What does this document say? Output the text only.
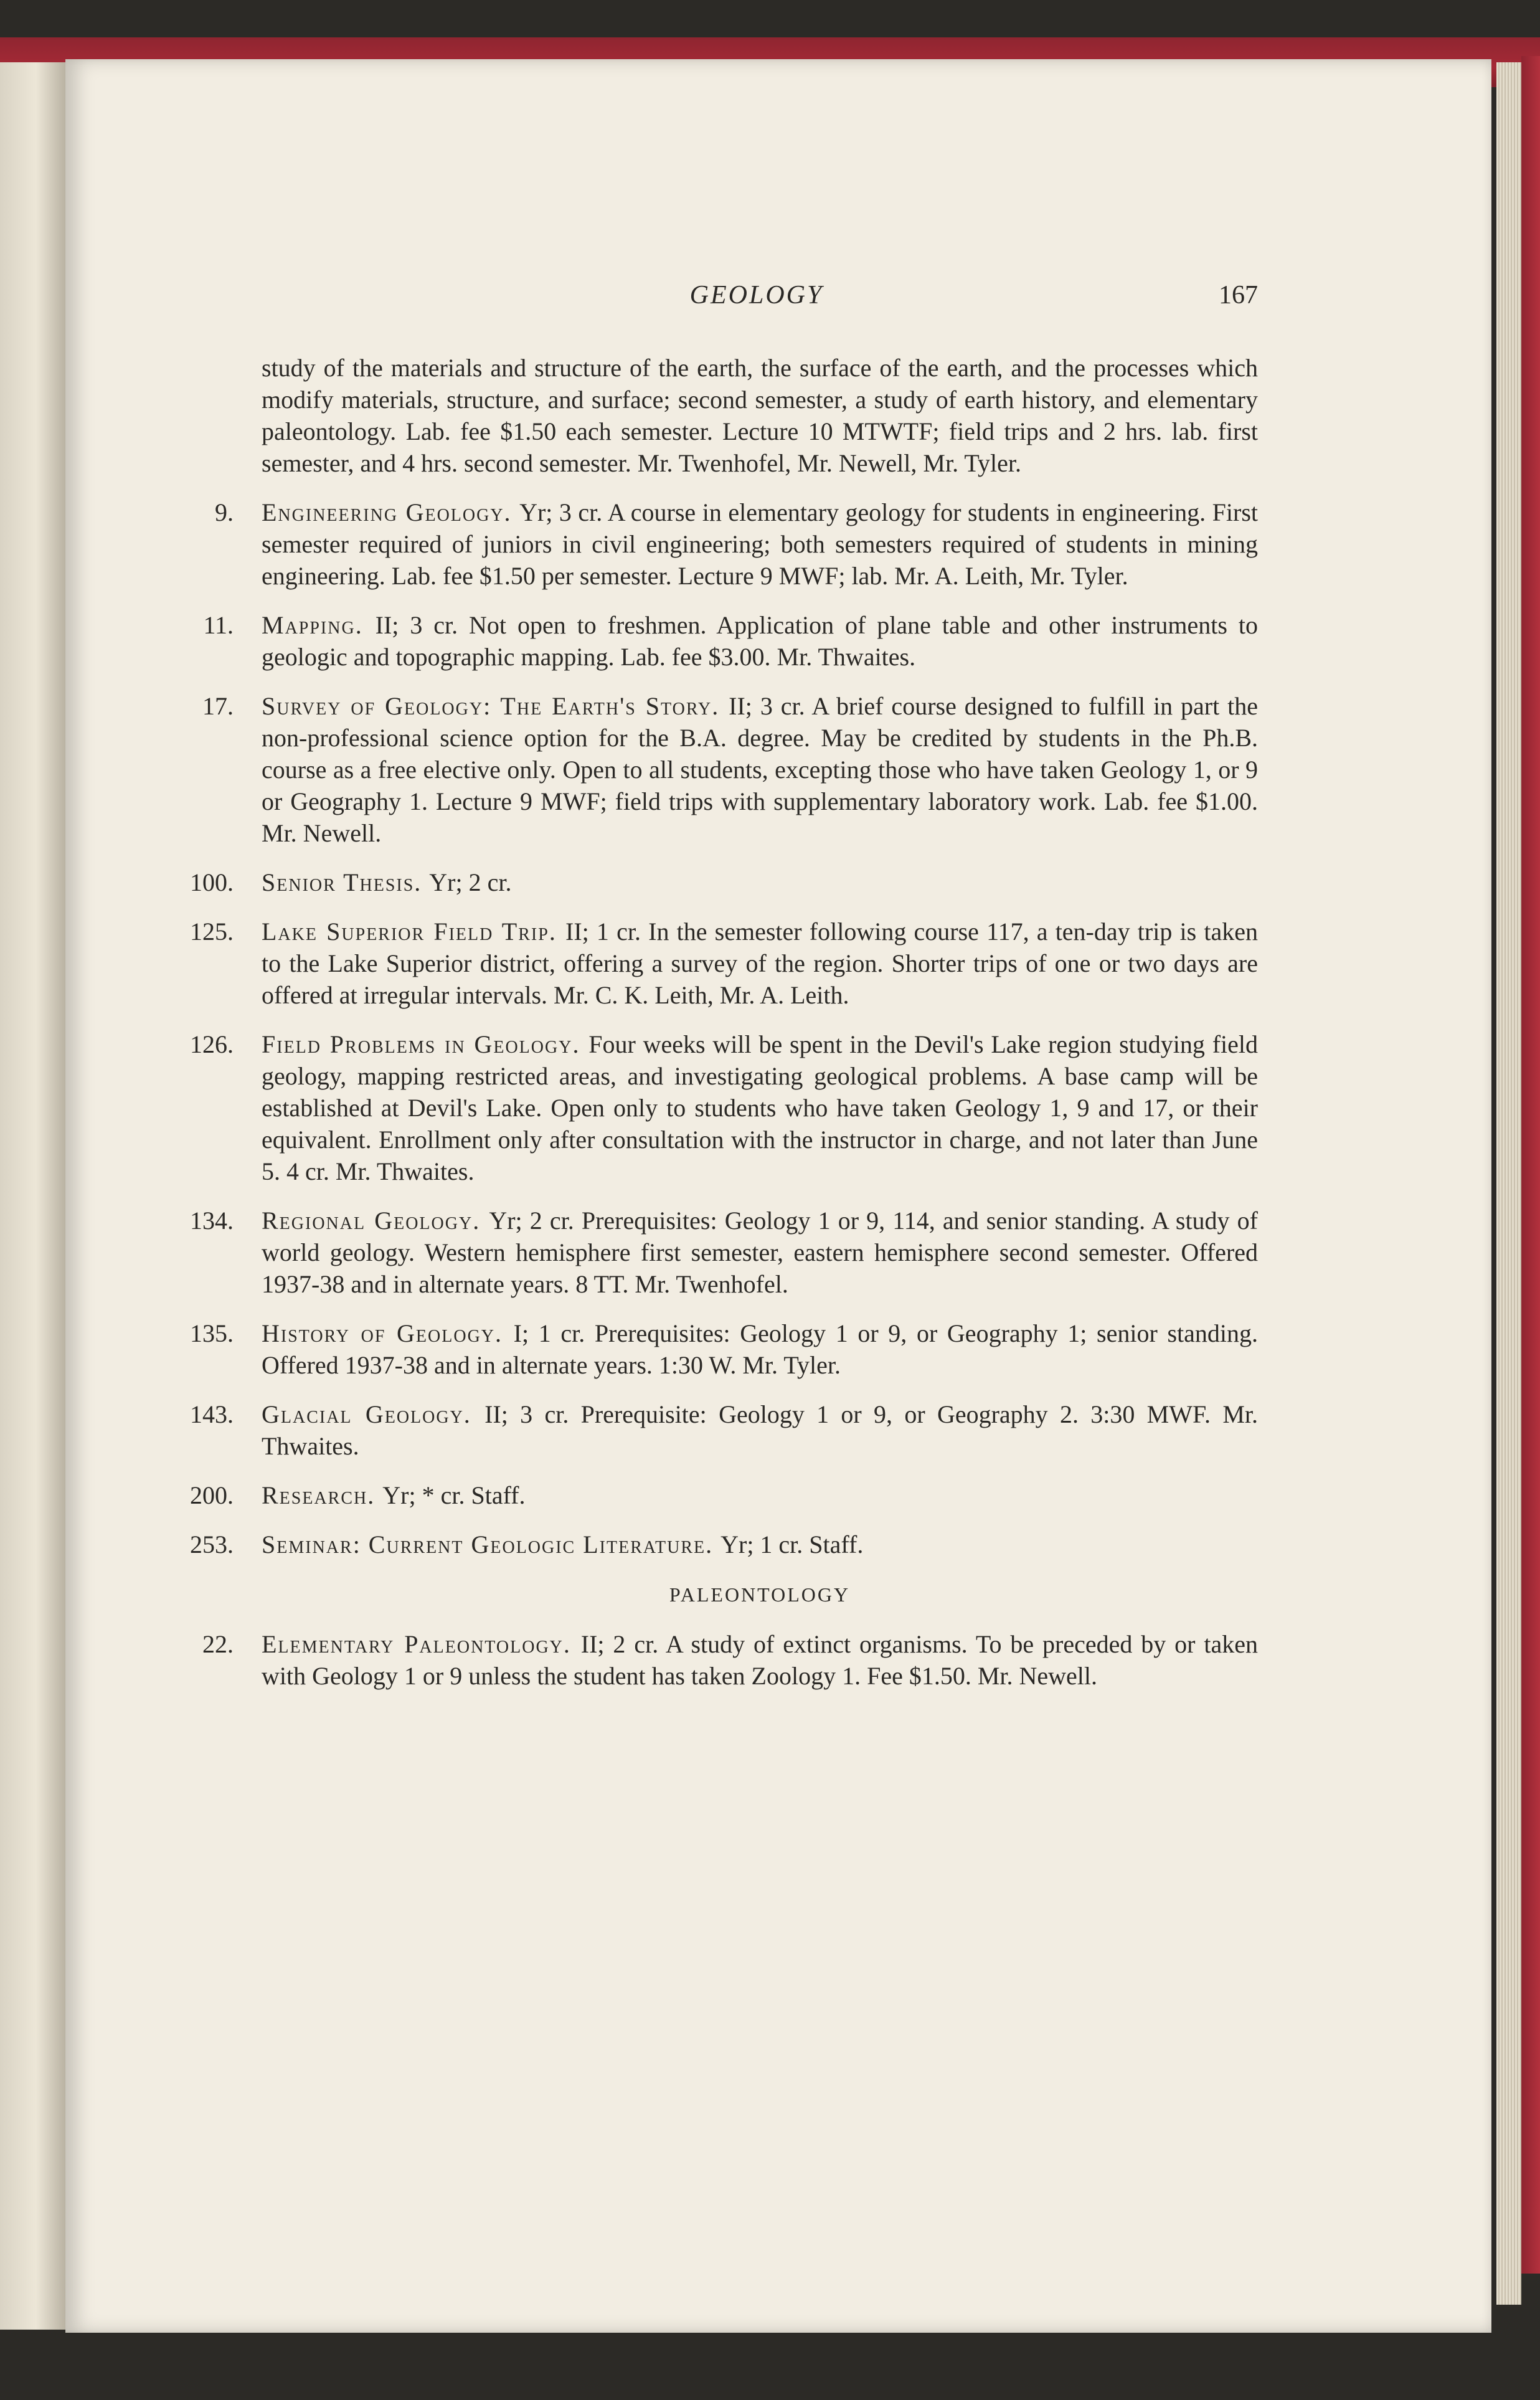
GEOLOGY	167
study of the materials and structure of the earth, the surface of the earth, and the processes which modify materials, structure, and surface; second semester, a study of earth history, and elementary paleontology. Lab. fee $1.50 each semester. Lecture 10 MTWTF; field trips and 2 hrs. lab. first semester, and 4 hrs. second semester. Mr. Twenhofel, Mr. Newell, Mr. Tyler.
9. Engineering Geology. Yr; 3 cr. A course in elementary geology for students in engineering. First semester required of juniors in civil engineering; both semesters required of students in mining engineering. Lab. fee $1.50 per semester. Lecture 9 MWF; lab. Mr. A. Leith, Mr. Tyler.
11. Mapping. II; 3 cr. Not open to freshmen. Application of plane table and other instruments to geologic and topographic mapping. Lab. fee $3.00. Mr. Thwaites.
17. Survey of Geology: The Earth's Story. II; 3 cr. A brief course designed to fulfill in part the non-professional science option for the B.A. degree. May be credited by students in the Ph.B. course as a free elective only. Open to all students, excepting those who have taken Geology 1, or 9 or Geography 1. Lecture 9 MWF; field trips with supplementary laboratory work. Lab. fee $1.00. Mr. Newell.
100. Senior Thesis. Yr; 2 cr.
125. Lake Superior Field Trip. II; 1 cr. In the semester following course 117, a ten-day trip is taken to the Lake Superior district, offering a survey of the region. Shorter trips of one or two days are offered at irregular intervals. Mr. C. K. Leith, Mr. A. Leith.
126. Field Problems in Geology. Four weeks will be spent in the Devil's Lake region studying field geology, mapping restricted areas, and investigating geological problems. A base camp will be established at Devil's Lake. Open only to students who have taken Geology 1, 9 and 17, or their equivalent. Enrollment only after consultation with the instructor in charge, and not later than June 5. 4 cr. Mr. Thwaites.
134. Regional Geology. Yr; 2 cr. Prerequisites: Geology 1 or 9, 114, and senior standing. A study of world geology. Western hemisphere first semester, eastern hemisphere second semester. Offered 1937-38 and in alternate years. 8 TT. Mr. Twenhofel.
135. History of Geology. I; 1 cr. Prerequisites: Geology 1 or 9, or Geography 1; senior standing. Offered 1937-38 and in alternate years. 1:30 W. Mr. Tyler.
143. Glacial Geology. II; 3 cr. Prerequisite: Geology 1 or 9, or Geography 2. 3:30 MWF. Mr. Thwaites.
200. Research. Yr; * cr. Staff.
253. Seminar: Current Geologic Literature. Yr; 1 cr. Staff.
PALEONTOLOGY
22. Elementary Paleontology. II; 2 cr. A study of extinct organisms. To be preceded by or taken with Geology 1 or 9 unless the student has taken Zoology 1. Fee $1.50. Mr. Newell.
